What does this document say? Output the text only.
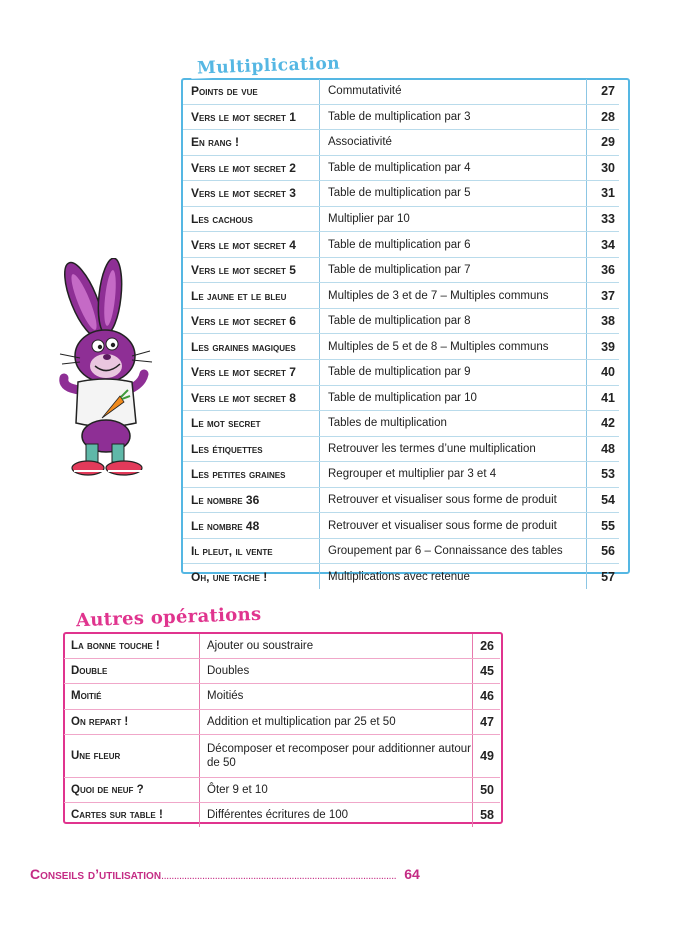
Multiplication
Points de vue	Commutativité	27
Vers le mot secret 1	Table de multiplication par 3	28
En rang !	Associativité	29
Vers le mot secret 2	Table de multiplication par 4	30
Vers le mot secret 3	Table de multiplication par 5	31
Les cachous	Multiplier par 10	33
Vers le mot secret 4	Table de multiplication par 6	34
Vers le mot secret 5	Table de multiplication par 7	36
Le jaune et le bleu	Multiples de 3 et de 7 – Multiples communs	37
Vers le mot secret 6	Table de multiplication par 8	38
Les graines magiques	Multiples de 5 et de 8 – Multiples communs	39
Vers le mot secret 7	Table de multiplication par 9	40
Vers le mot secret 8	Table de multiplication par 10	41
Le mot secret	Tables de multiplication	42
Les étiquettes	Retrouver les termes d’une multiplication	48
Les petites graines	Regrouper et multiplier par 3 et 4	53
Le nombre 36	Retrouver et visualiser sous forme de produit	54
Le nombre 48	Retrouver et visualiser sous forme de produit	55
Il pleut, il vente	Groupement par 6 – Connaissance des tables	56
Oh, une tache !	Multiplications avec retenue	57
Autres opérations
La bonne touche !	Ajouter ou soustraire	26
Double	Doubles	45
Moitié	Moitiés	46
On repart !	Addition et multiplication par 25 et 50	47
Une fleur	Décomposer et recomposer pour additionner autour de 50	49
Quoi de neuf ?	Ôter 9 et 10	50
Cartes sur table !	Différentes écritures de 100	58
Conseils d’utilisation............................................................................................ 64
